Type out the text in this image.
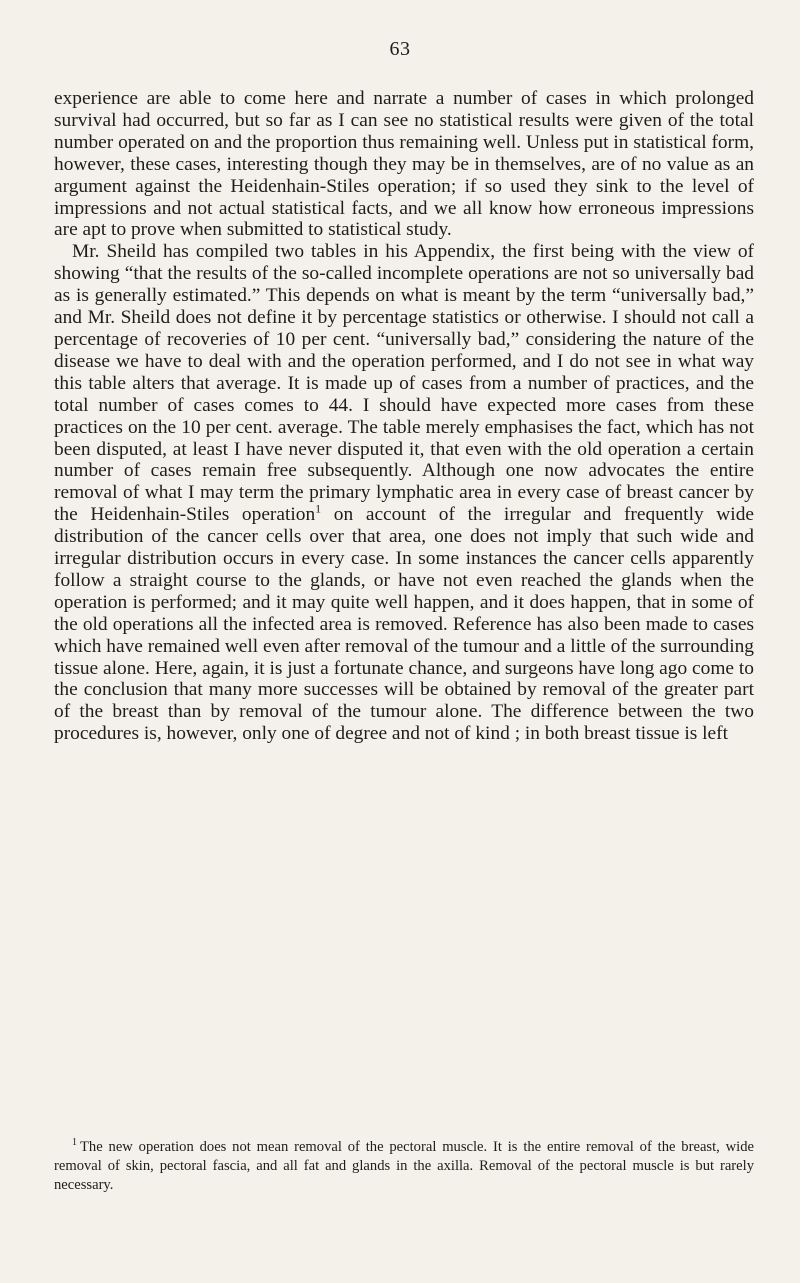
63

experience are able to come here and narrate a number of cases in which prolonged survival had occurred, but so far as I can see no statistical results were given of the total number operated on and the proportion thus remaining well. Unless put in statistical form, however, these cases, interesting though they may be in themselves, are of no value as an argument against the Heidenhain-Stiles operation; if so used they sink to the level of impressions and not actual statistical facts, and we all know how erroneous impressions are apt to prove when submitted to statistical study.

Mr. Sheild has compiled two tables in his Appendix, the first being with the view of showing “that the results of the so-called incomplete operations are not so universally bad as is generally estimated.” This depends on what is meant by the term “universally bad,” and Mr. Sheild does not define it by percentage statistics or otherwise. I should not call a percentage of recoveries of 10 per cent. “universally bad,” considering the nature of the disease we have to deal with and the operation performed, and I do not see in what way this table alters that average. It is made up of cases from a number of practices, and the total number of cases comes to 44. I should have expected more cases from these practices on the 10 per cent. average. The table merely emphasises the fact, which has not been disputed, at least I have never disputed it, that even with the old operation a certain number of cases remain free subsequently. Although one now advocates the entire removal of what I may term the primary lymphatic area in every case of breast cancer by the Heidenhain-Stiles operation$^1$ on account of the irregular and frequently wide distribution of the cancer cells over that area, one does not imply that such wide and irregular distribution occurs in every case. In some instances the cancer cells apparently follow a straight course to the glands, or have not even reached the glands when the operation is performed; and it may quite well happen, and it does happen, that in some of the old operations all the infected area is removed. Reference has also been made to cases which have remained well even after removal of the tumour and a little of the surrounding tissue alone. Here, again, it is just a fortunate chance, and surgeons have long ago come to the conclusion that many more successes will be obtained by removal of the greater part of the breast than by removal of the tumour alone. The difference between the two procedures is, however, only one of degree and not of kind ; in both breast tissue is left

$^1$ The new operation does not mean removal of the pectoral muscle. It is the entire removal of the breast, wide removal of skin, pectoral fascia, and all fat and glands in the axilla. Removal of the pectoral muscle is but rarely necessary.
